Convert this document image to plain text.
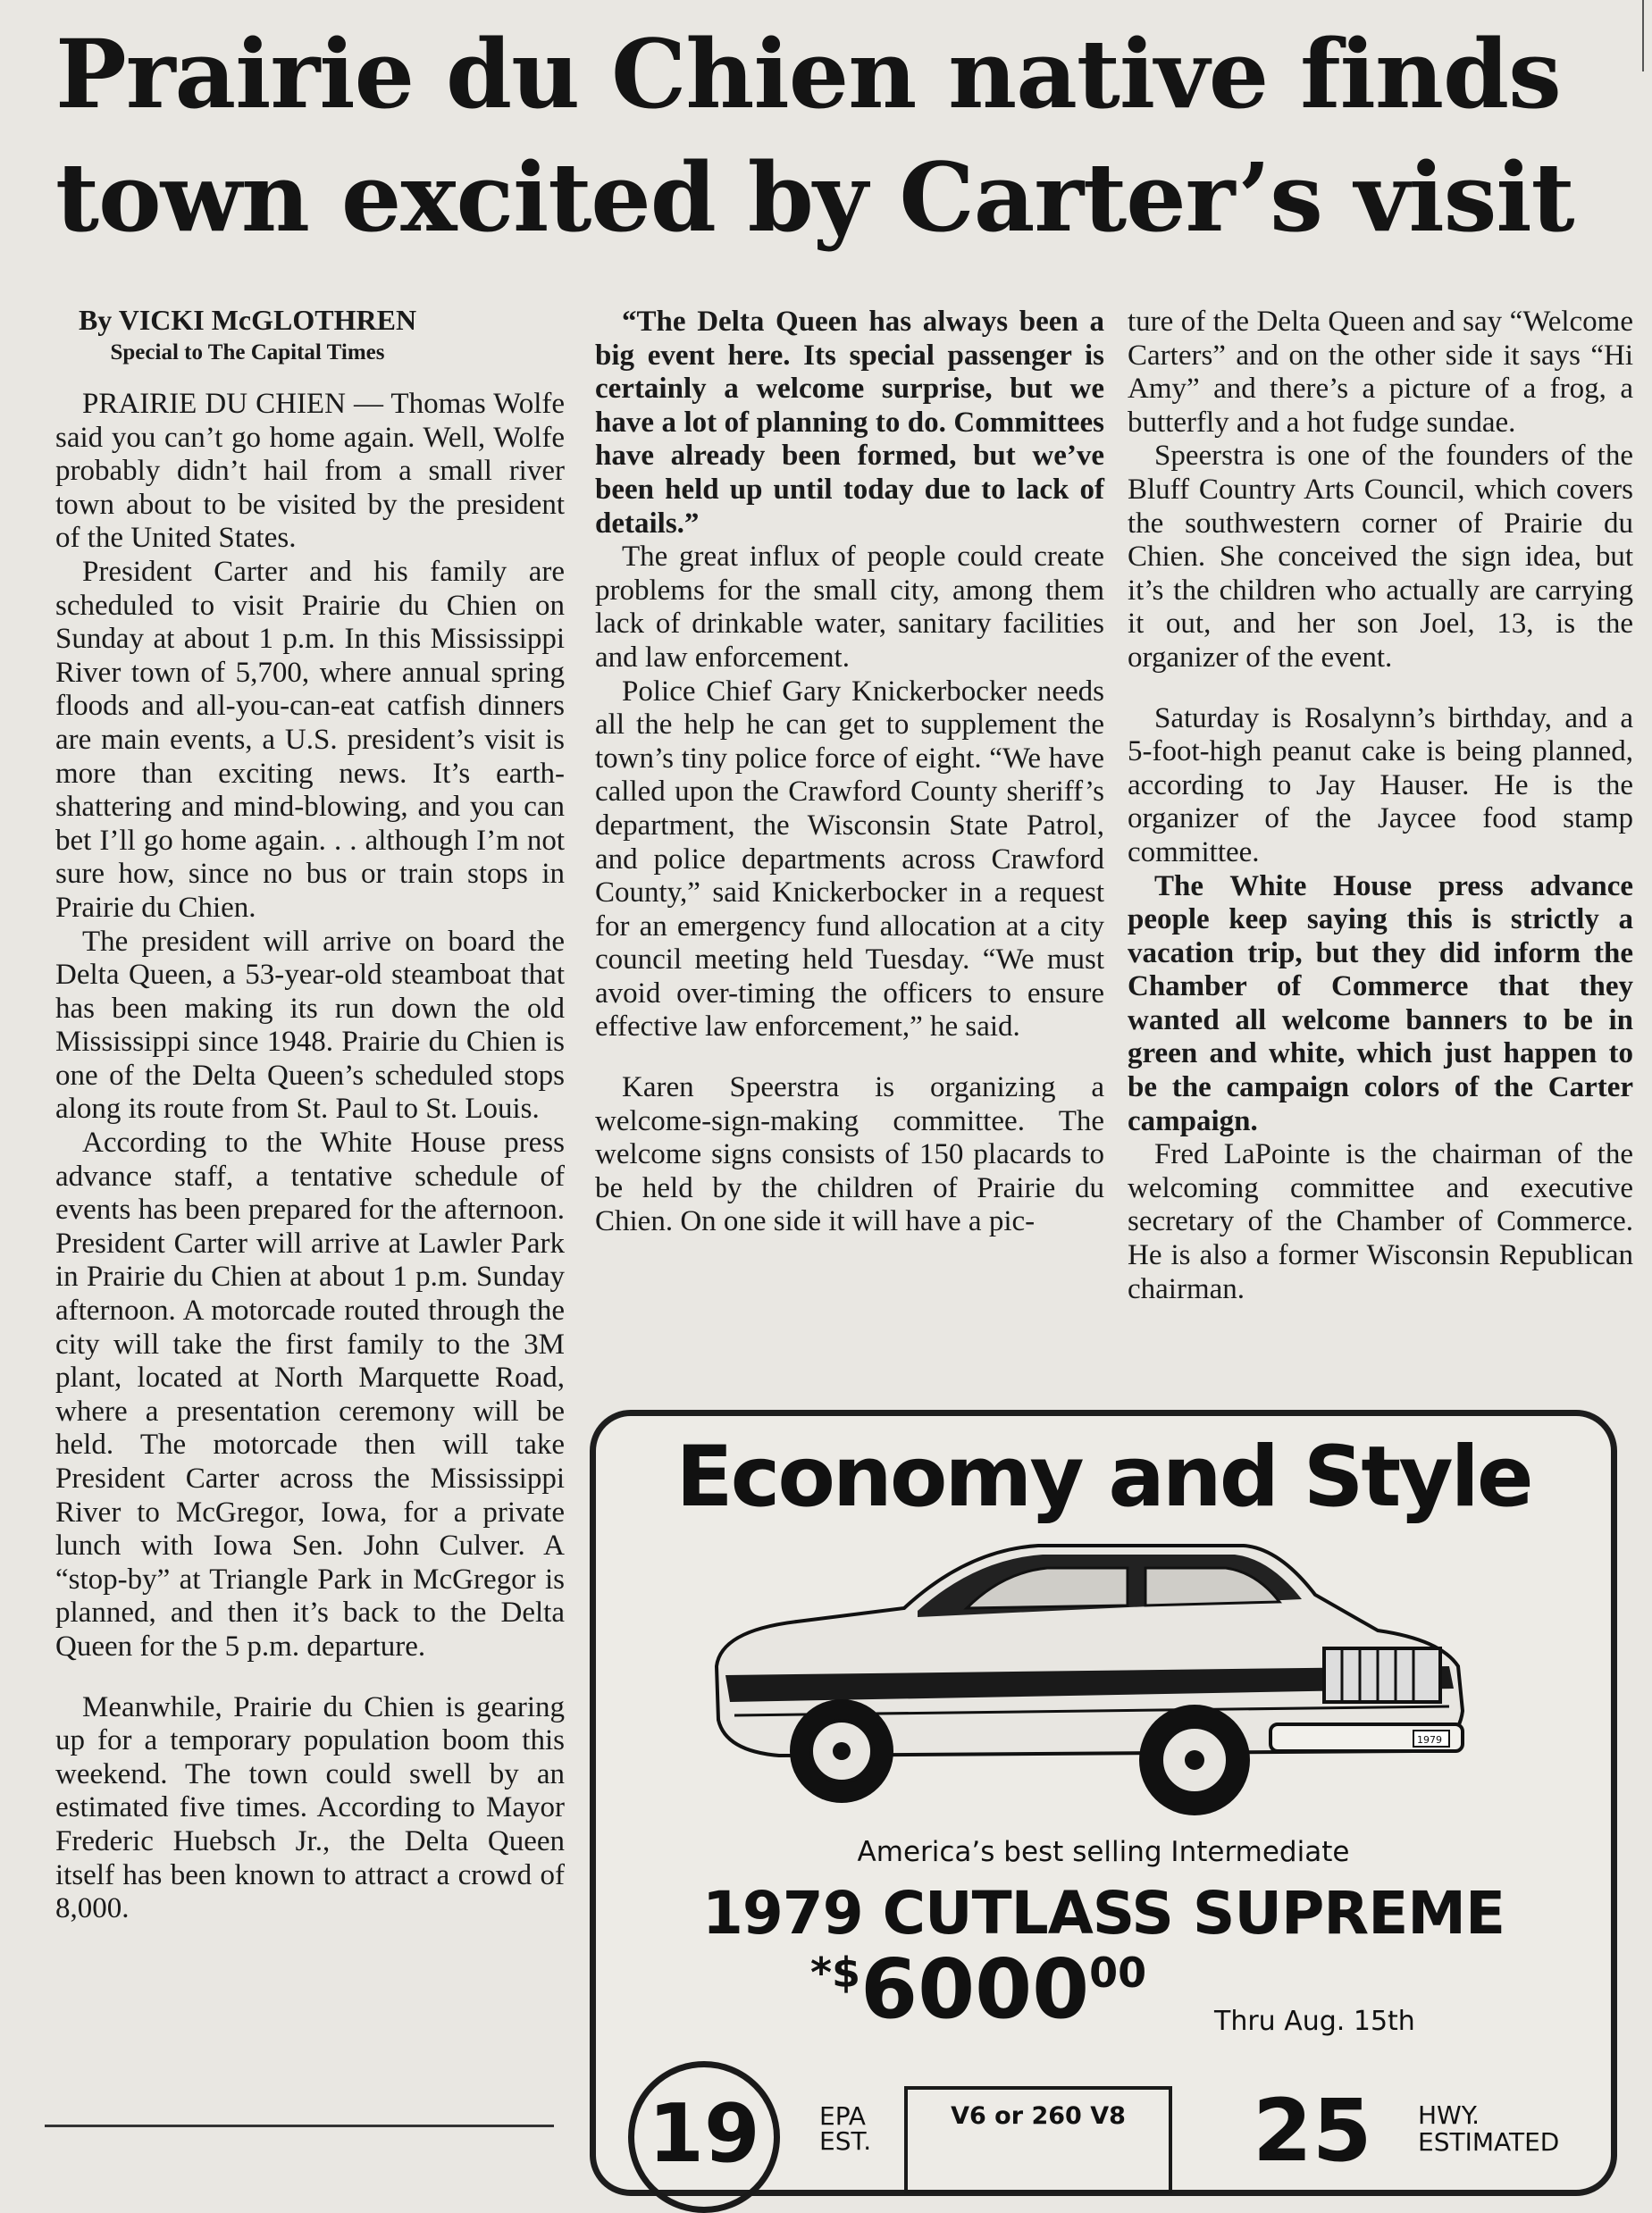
Prairie du Chien native finds
town excited by Carter’s visit

By VICKI McGLOTHREN

Special to The Capital Times

PRAIRIE DU CHIEN — Thomas Wolfe said you can’t go home again. Well, Wolfe probably didn’t hail from a small river town about to be visited by the president of the United States.

President Carter and his family are scheduled to visit Prairie du Chien on Sunday at about 1 p.m. In this Mississippi River town of 5,700, where annual spring floods and all-you-can-eat catfish dinners are main events, a U.S. president’s visit is more than exciting news. It’s earth-shattering and mind-blowing, and you can bet I’ll go home again. . . although I’m not sure how, since no bus or train stops in Prairie du Chien.

The president will arrive on board the Delta Queen, a 53-year-old steamboat that has been making its run down the old Mississippi since 1948. Prairie du Chien is one of the Delta Queen’s scheduled stops along its route from St. Paul to St. Louis.

According to the White House press advance staff, a tentative schedule of events has been prepared for the afternoon. President Carter will arrive at Lawler Park in Prairie du Chien at about 1 p.m. Sunday afternoon. A motorcade routed through the city will take the first family to the 3M plant, located at North Marquette Road, where a presentation ceremony will be held. The motorcade then will take President Carter across the Mississippi River to McGregor, Iowa, for a private lunch with Iowa Sen. John Culver. A “stop-by” at Triangle Park in McGregor is planned, and then it’s back to the Delta Queen for the 5 p.m. departure.

Meanwhile, Prairie du Chien is gearing up for a temporary population boom this weekend. The town could swell by an estimated five times. According to Mayor Frederic Huebsch Jr., the Delta Queen itself has been known to attract a crowd of 8,000.

“The Delta Queen has always been a big event here. Its special passenger is certainly a welcome surprise, but we have a lot of planning to do. Committees have already been formed, but we’ve been held up until today due to lack of details.”

The great influx of people could create problems for the small city, among them lack of drinkable water, sanitary facilities and law enforcement.

Police Chief Gary Knickerbocker needs all the help he can get to supplement the town’s tiny police force of eight. “We have called upon the Crawford County sheriff’s department, the Wisconsin State Patrol, and police departments across Crawford County,” said Knickerbocker in a request for an emergency fund allocation at a city council meeting held Tuesday. “We must avoid over-timing the officers to ensure effective law enforcement,” he said.

Karen Speerstra is organizing a welcome-sign-making committee. The welcome signs consists of 150 placards to be held by the children of Prairie du Chien. On one side it will have a pic-

ture of the Delta Queen and say “Welcome Carters” and on the other side it says “Hi Amy” and there’s a picture of a frog, a butterfly and a hot fudge sundae.

Speerstra is one of the founders of the Bluff Country Arts Council, which covers the southwestern corner of Prairie du Chien. She conceived the sign idea, but it’s the children who actually are carrying it out, and her son Joel, 13, is the organizer of the event.

Saturday is Rosalynn’s birthday, and a 5-foot-high peanut cake is being planned, according to Jay Hauser. He is the organizer of the Jaycee food stamp committee.

The White House press advance people keep saying this is strictly a vacation trip, but they did inform the Chamber of Commerce that they wanted all welcome banners to be in green and white, which just happen to be the campaign colors of the Carter campaign.

Fred LaPointe is the chairman of the welcoming committee and executive secretary of the Chamber of Commerce. He is also a former Wisconsin Republican chairman.

Economy and Style
1979
America’s best selling Intermediate
1979 CUTLASS SUPREME
*$6000$^{00}$
Thru Aug. 15th
19	EPA
EST.
V6 or 260 V8	25 HWY.
ESTIMATED
